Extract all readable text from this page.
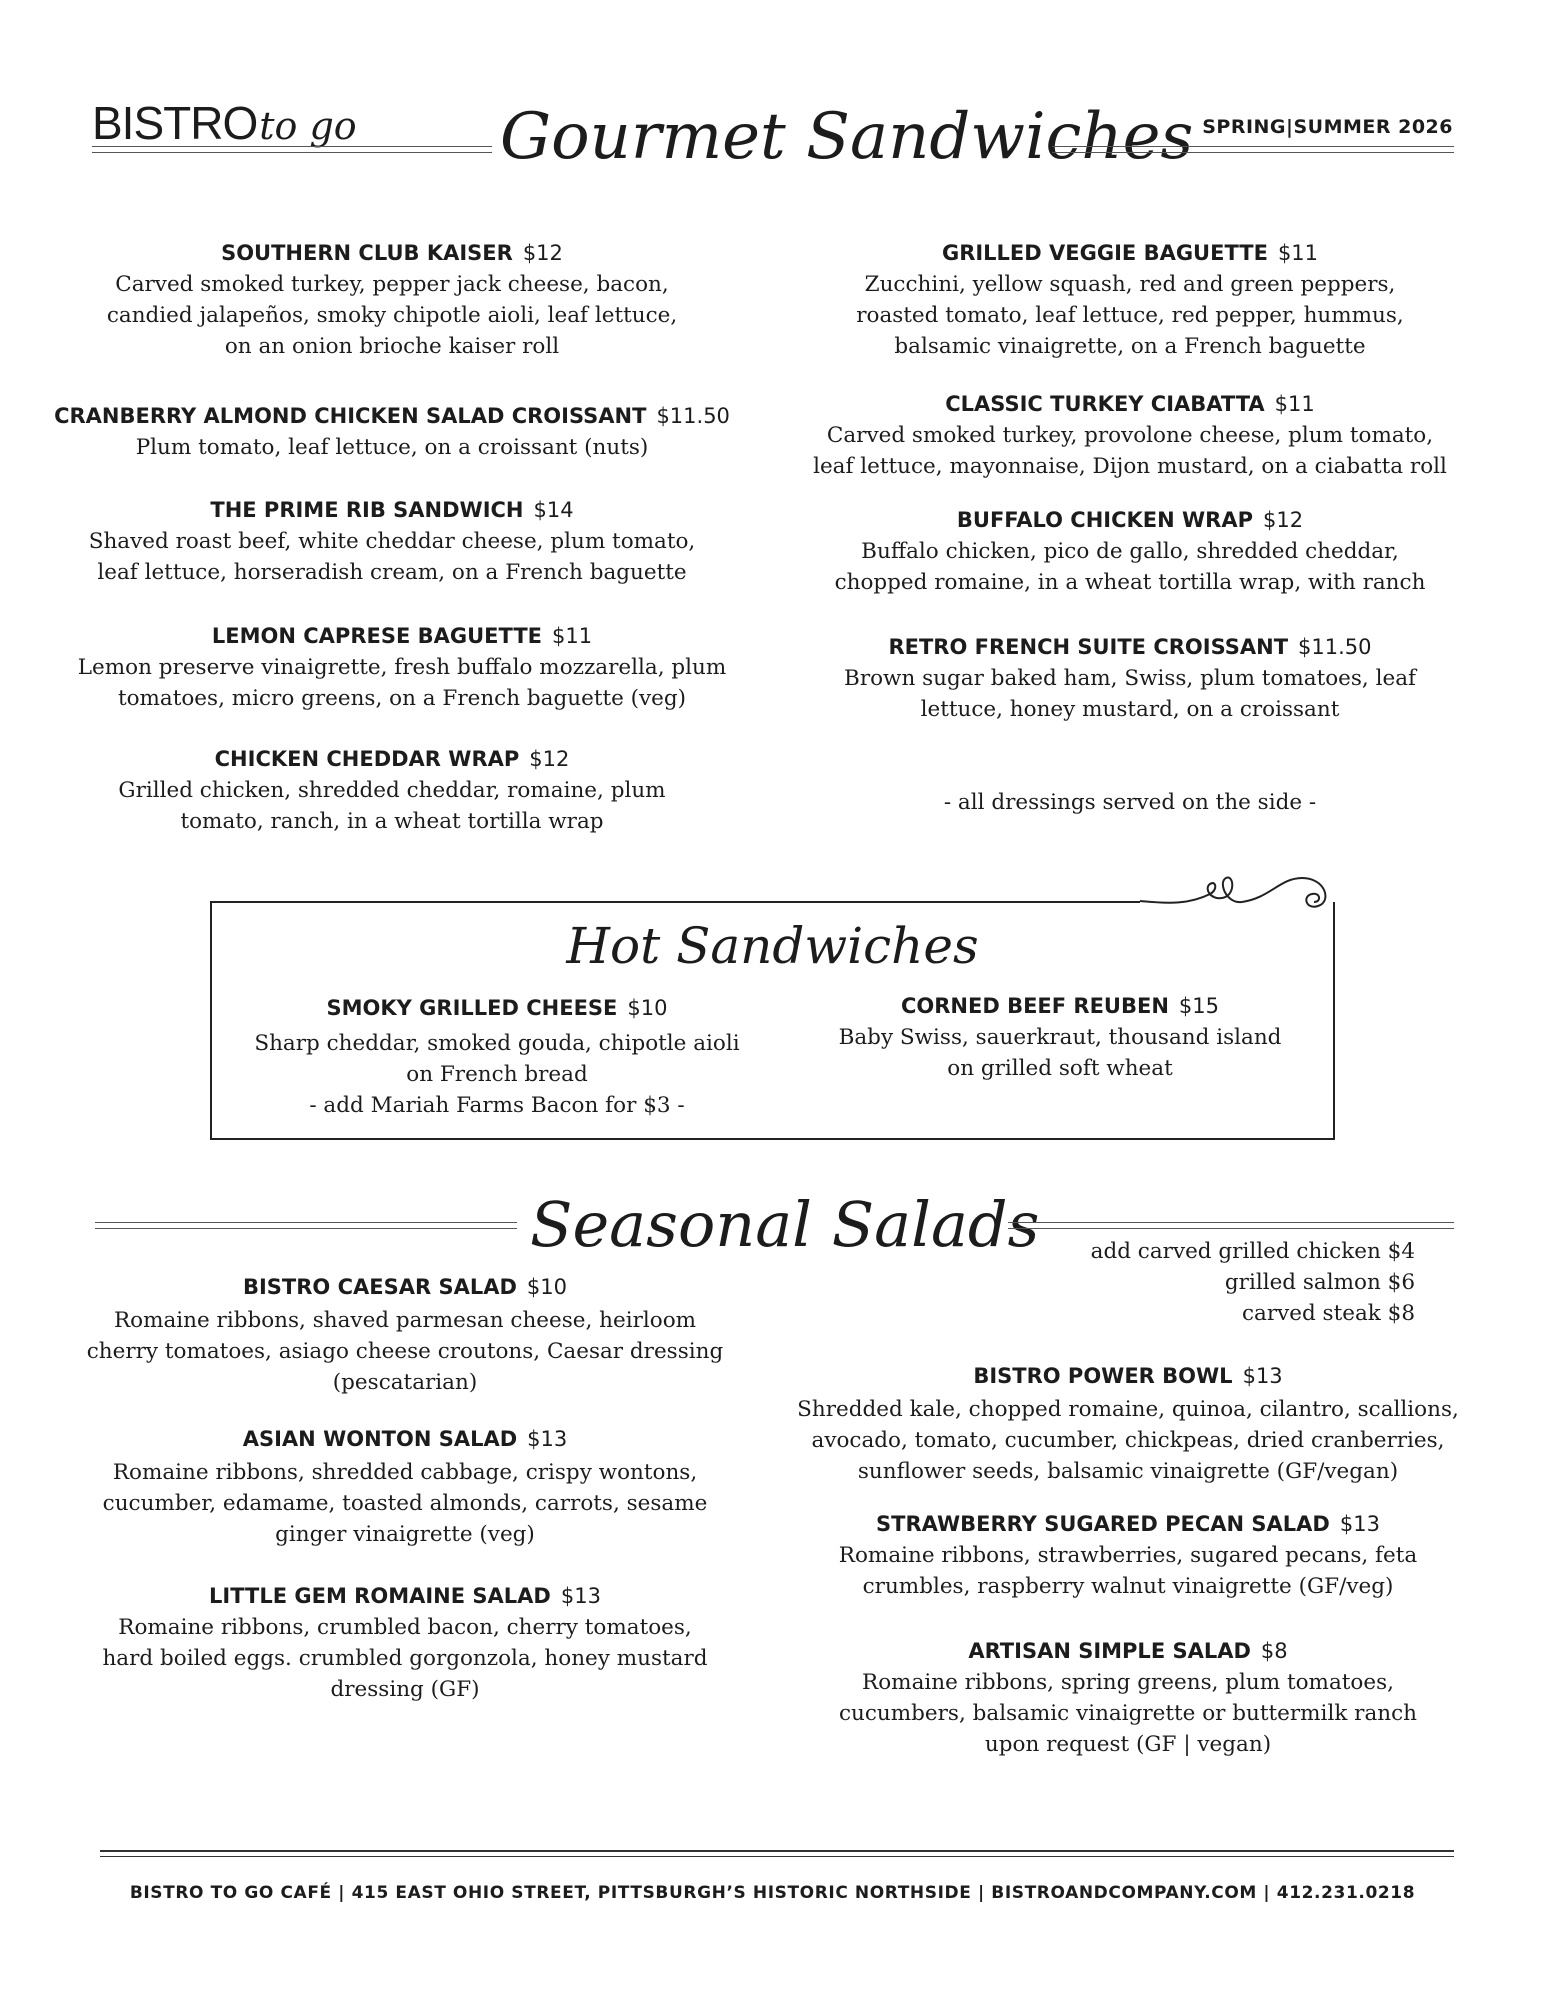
BISTROto go Gourmet Sandwiches SPRING|SUMMER 2026
SOUTHERN CLUB KAISER $12
Carved smoked turkey, pepper jack cheese, bacon,
candied jalapeños, smoky chipotle aioli, leaf lettuce,
on an onion brioche kaiser roll
CRANBERRY ALMOND CHICKEN SALAD CROISSANT $11.50
Plum tomato, leaf lettuce, on a croissant (nuts)
THE PRIME RIB SANDWICH $14
Shaved roast beef, white cheddar cheese, plum tomato,
leaf lettuce, horseradish cream, on a French baguette
LEMON CAPRESE BAGUETTE $11
Lemon preserve vinaigrette, fresh buffalo mozzarella, plum
tomatoes, micro greens, on a French baguette (veg)
CHICKEN CHEDDAR WRAP $12
Grilled chicken, shredded cheddar, romaine, plum
tomato, ranch, in a wheat tortilla wrap
GRILLED VEGGIE BAGUETTE $11
Zucchini, yellow squash, red and green peppers,
roasted tomato, leaf lettuce, red pepper, hummus,
balsamic vinaigrette, on a French baguette
CLASSIC TURKEY CIABATTA $11
Carved smoked turkey, provolone cheese, plum tomato,
leaf lettuce, mayonnaise, Dijon mustard, on a ciabatta roll
BUFFALO CHICKEN WRAP $12
Buffalo chicken, pico de gallo, shredded cheddar,
chopped romaine, in a wheat tortilla wrap, with ranch
RETRO FRENCH SUITE CROISSANT $11.50
Brown sugar baked ham, Swiss, plum tomatoes, leaf
lettuce, honey mustard, on a croissant
- all dressings served on the side -
Hot Sandwiches
SMOKY GRILLED CHEESE $10
Sharp cheddar, smoked gouda, chipotle aioli
on French bread
- add Mariah Farms Bacon for $3 -
CORNED BEEF REUBEN $15
Baby Swiss, sauerkraut, thousand island
on grilled soft wheat
Seasonal Salads add carved grilled chicken $4
grilled salmon $6
carved steak $8
BISTRO CAESAR SALAD $10
Romaine ribbons, shaved parmesan cheese, heirloom
cherry tomatoes, asiago cheese croutons, Caesar dressing
(pescatarian)
ASIAN WONTON SALAD $13
Romaine ribbons, shredded cabbage, crispy wontons,
cucumber, edamame, toasted almonds, carrots, sesame
ginger vinaigrette (veg)
LITTLE GEM ROMAINE SALAD $13
Romaine ribbons, crumbled bacon, cherry tomatoes,
hard boiled eggs. crumbled gorgonzola, honey mustard
dressing (GF)
BISTRO POWER BOWL $13
Shredded kale, chopped romaine, quinoa, cilantro, scallions,
avocado, tomato, cucumber, chickpeas, dried cranberries,
sunflower seeds, balsamic vinaigrette (GF/vegan)
STRAWBERRY SUGARED PECAN SALAD $13
Romaine ribbons, strawberries, sugared pecans, feta
crumbles, raspberry walnut vinaigrette (GF/veg)
ARTISAN SIMPLE SALAD $8
Romaine ribbons, spring greens, plum tomatoes,
cucumbers, balsamic vinaigrette or buttermilk ranch
upon request (GF | vegan)
BISTRO TO GO CAFÉ | 415 EAST OHIO STREET, PITTSBURGH’S HISTORIC NORTHSIDE | BISTROANDCOMPANY.COM | 412.231.0218
